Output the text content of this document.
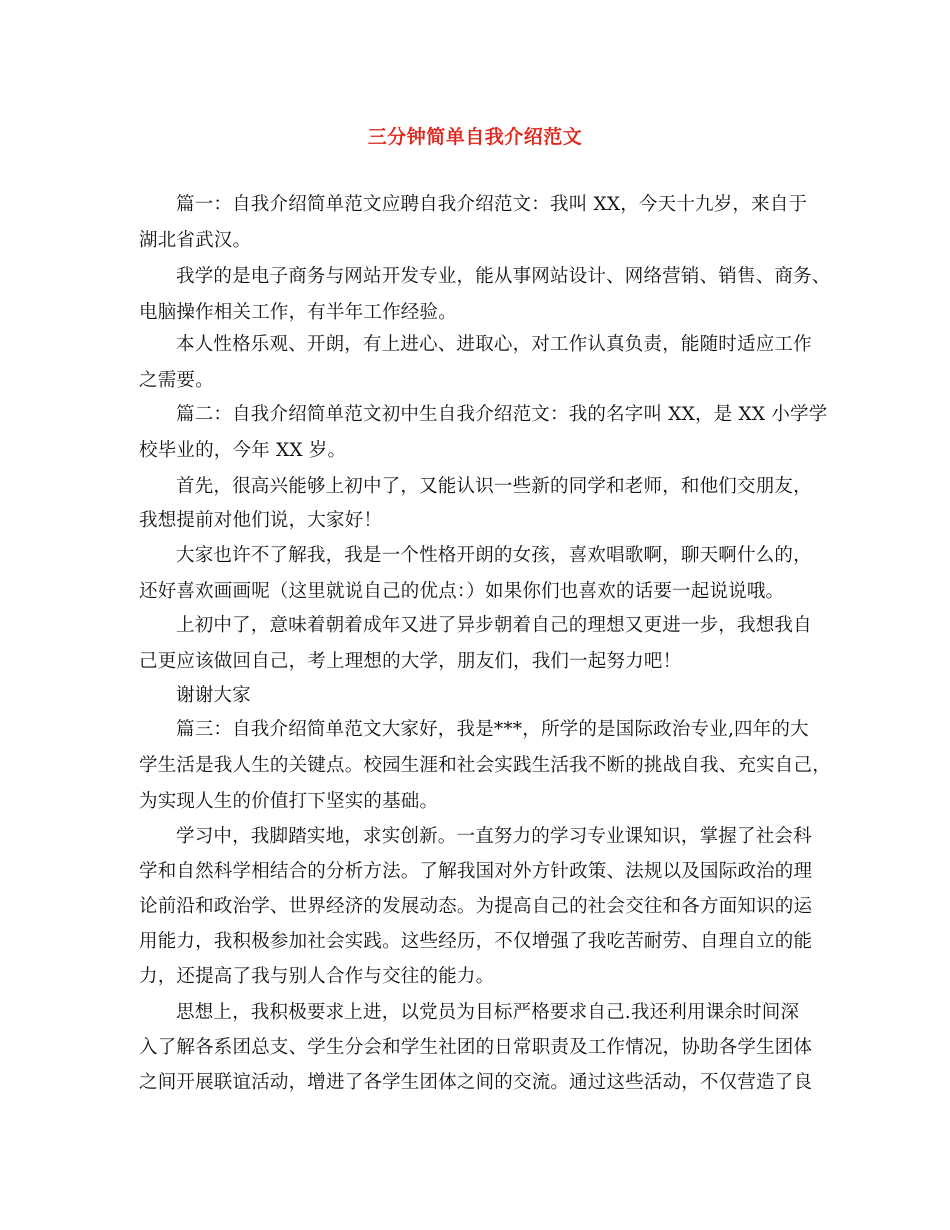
三分钟简单自我介绍范文
篇一：自我介绍简单范文应聘自我介绍范文：我叫 XX，今天十九岁，来自于
湖北省武汉。
我学的是电子商务与网站开发专业，能从事网站设计、网络营销、销售、商务、
电脑操作相关工作，有半年工作经验。
本人性格乐观、开朗，有上进心、进取心，对工作认真负责，能随时适应工作
之需要。
篇二：自我介绍简单范文初中生自我介绍范文：我的名字叫 XX，是 XX 小学学
校毕业的，今年 XX 岁。
首先，很高兴能够上初中了，又能认识一些新的同学和老师，和他们交朋友，
我想提前对他们说，大家好！
大家也许不了解我，我是一个性格开朗的女孩，喜欢唱歌啊，聊天啊什么的，
还好喜欢画画呢（这里就说自己的优点：）如果你们也喜欢的话要一起说说哦。
上初中了，意味着朝着成年又进了异步朝着自己的理想又更进一步，我想我自
己更应该做回自己，考上理想的大学，朋友们，我们一起努力吧！
谢谢大家
篇三：自我介绍简单范文大家好，我是***，所学的是国际政治专业,四年的大
学生活是我人生的关键点。校园生涯和社会实践生活我不断的挑战自我、充实自己，
为实现人生的价值打下坚实的基础。
学习中，我脚踏实地，求实创新。一直努力的学习专业课知识，掌握了社会科
学和自然科学相结合的分析方法。了解我国对外方针政策、法规以及国际政治的理
论前沿和政治学、世界经济的发展动态。为提高自己的社会交往和各方面知识的运
用能力，我积极参加社会实践。这些经历，不仅增强了我吃苦耐劳、自理自立的能
力，还提高了我与别人合作与交往的能力。
思想上，我积极要求上进，以党员为目标严格要求自己.我还利用课余时间深
入了解各系团总支、学生分会和学生社团的日常职责及工作情况，协助各学生团体
之间开展联谊活动，增进了各学生团体之间的交流。通过这些活动，不仅营造了良
